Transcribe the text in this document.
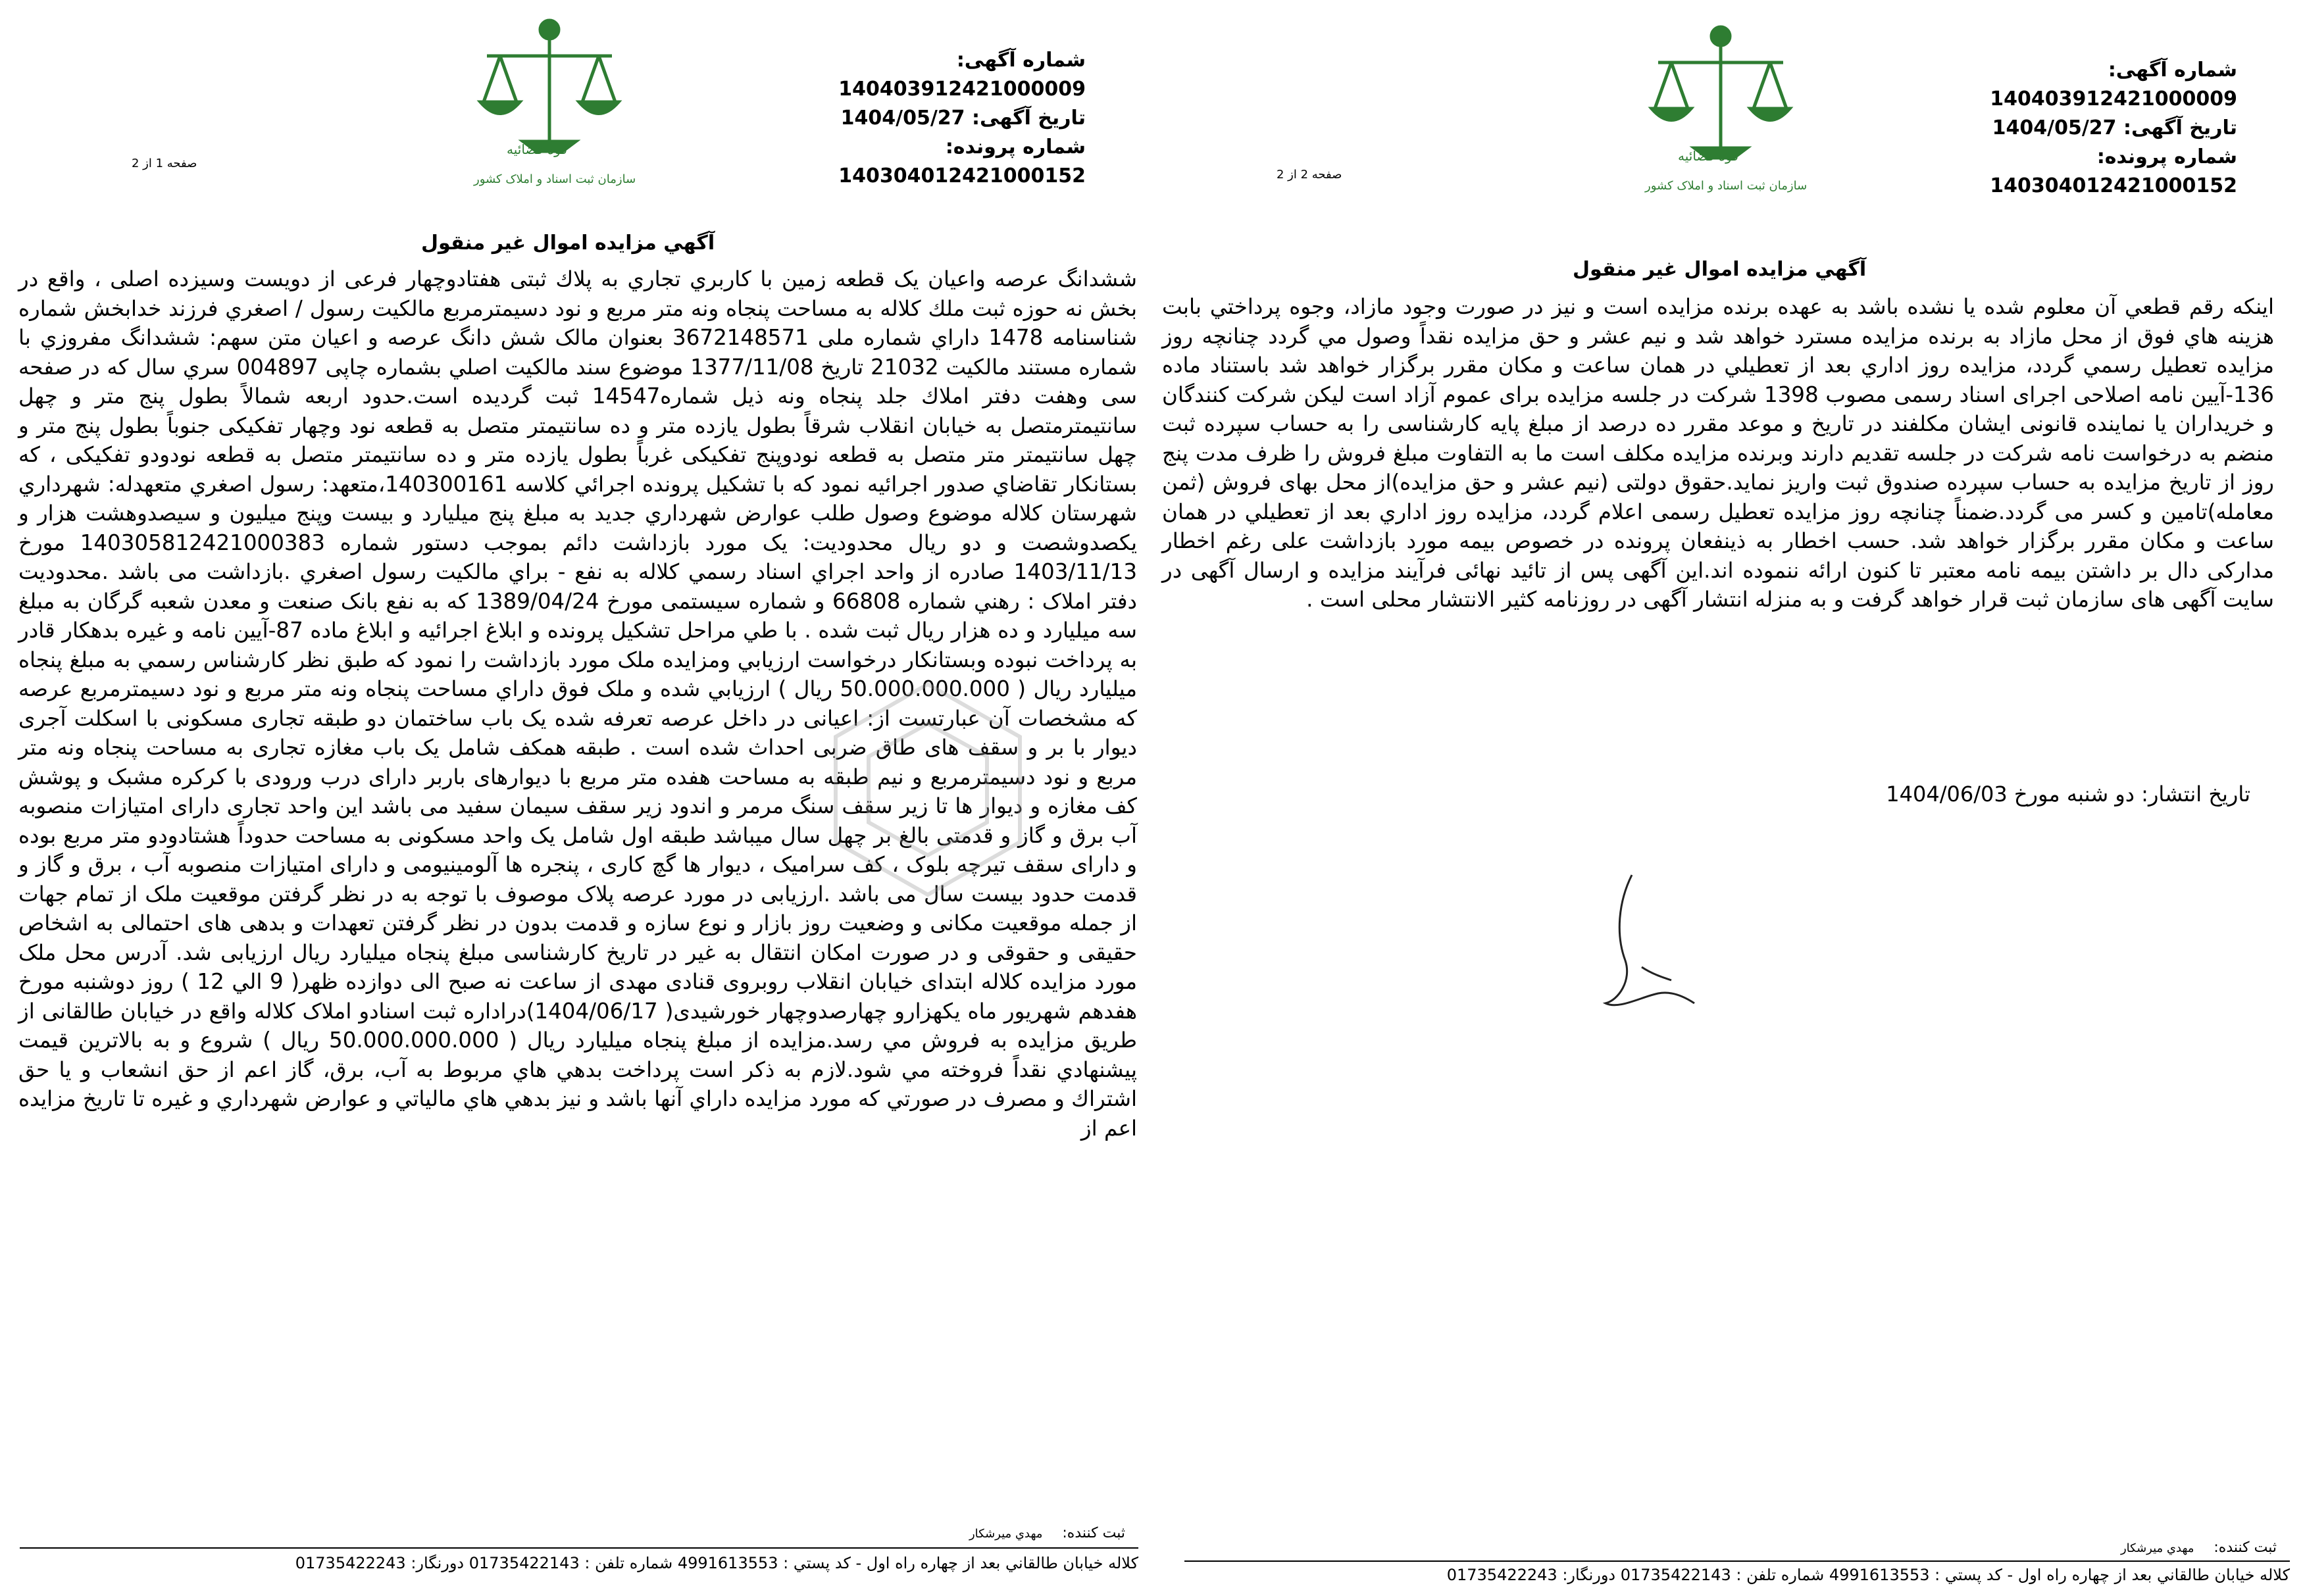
قوه قضائيه
سازمان ثبت اسناد و املاک کشور
شماره آگهی: 140403912421000009
تاریخ آگهی: 1404/05/27
شماره پرونده: 140304012421000152
صفحه 1 از 2
آگهي مزايده اموال غير منقول
ششدانگ عرصه واعيان يک قطعه زمين با كاربري تجاري به پلاك ثبتی هفتادوچهار فرعی از دويست وسيزده اصلی ، واقع در بخش نه حوزه ثبت ملك كلاله به مساحت پنجاه ونه متر مربع و نود دسيمترمربع مالكيت رسول / اصغري فرزند خدابخش شماره شناسنامه 1478 داراي شماره ملی 3672148571 بعنوان مالک شش دانگ عرصه و اعيان متن سهم: ششدانگ مفروزي با شماره مستند مالكيت 21032 تاريخ 1377/11/08 موضوع سند مالكيت اصلي بشماره چاپی 004897 سري سال كه در صفحه سی وهفت دفتر املاك جلد پنجاه ونه ذيل شماره14547 ثبت گرديده است.حدود اربعه شمالاً بطول پنج متر و چهل سانتيمترمتصل به خيابان انقلاب شرقاً بطول يازده متر و ده سانتيمتر متصل به قطعه نود وچهار تفكيكی جنوباً بطول پنج متر و چهل سانتيمتر متر متصل به قطعه نودوپنج تفكيكی غرباً بطول يازده متر و ده سانتيمتر متصل به قطعه نودودو تفكيكی ، كه بستانكار تقاضاي صدور اجرائيه نمود كه با تشكيل پرونده اجرائي كلاسه 140300161،متعهد: رسول اصغري متعهدله: شهرداري شهرستان كلاله موضوع وصول طلب عوارض شهرداري جديد به مبلغ پنج ميليارد و بيست وپنج ميليون و سيصدوهشت هزار و يكصدوشصت و دو ريال محدوديت: يک مورد بازداشت دائم بموجب دستور شماره 140305812421000383 مورخ 1403/11/13 صادره از واحد اجراي اسناد رسمي كلاله به نفع - براي مالكيت رسول اصغري .بازداشت می باشد .محدوديت دفتر املاک : رهني شماره 66808 و شماره سيستمی مورخ 1389/04/24 كه به نفع بانک صنعت و معدن شعبه گرگان به مبلغ سه ميليارد و ده هزار ريال ثبت شده . با طي مراحل تشكيل پرونده و ابلاغ اجرائيه و ابلاغ ماده 87-آيين نامه و غيره بدهكار قادر به پرداخت نبوده وبستانكار درخواست ارزيابي ومزايده ملک مورد بازداشت را نمود كه طبق نظر كارشناس رسمي به مبلغ پنجاه ميليارد ريال ( 50.000.000.000 ريال ) ارزيابي شده و ملک فوق داراي مساحت پنجاه ونه متر مربع و نود دسيمترمربع عرصه كه مشخصات آن عبارتست از: اعيانی در داخل عرصه تعرفه شده يک باب ساختمان دو طبقه تجاری مسكونی با اسكلت آجری ديوار با بر و سقف های طاق ضربی احداث شده است . طبقه همكف شامل يک باب مغازه تجاری به مساحت پنجاه ونه متر مربع و نود دسيمترمربع و نيم طبقه به مساحت هفده متر مربع با ديوارهای باربر دارای درب ورودی با كركره مشبک و پوشش كف مغازه و ديوار ها تا زير سقف سنگ مرمر و اندود زير سقف سيمان سفيد می باشد اين واحد تجاری دارای امتيازات منصوبه آب برق و گاز و قدمتی بالغ بر چهل سال ميباشد طبقه اول شامل يک واحد مسكونی به مساحت حدوداً هشتادودو متر مربع بوده و دارای سقف تيرچه بلوک ، كف سراميک ، ديوار ها گچ كاری ، پنجره ها آلومينيومی و دارای امتيازات منصوبه آب ، برق و گاز و قدمت حدود بيست سال می باشد .ارزيابی در مورد عرصه پلاک موصوف با توجه به در نظر گرفتن موقعيت ملک از تمام جهات از جمله موقعيت مكانی و وضعيت روز بازار و نوع سازه و قدمت بدون در نظر گرفتن تعهدات و بدهی های احتمالی به اشخاص حقيقی و حقوقی و در صورت امكان انتقال به غير در تاريخ كارشناسی مبلغ پنجاه ميليارد ريال ارزيابی شد. آدرس محل ملک مورد مزايده كلاله ابتدای خيابان انقلاب روبروی قنادی مهدی از ساعت نه صبح الی دوازده ظهر( 9 الي 12 ) روز دوشنبه مورخ هفدهم شهريور ماه يكهزارو چهارصدوچهار خورشيدی( 1404/06/17)دراداره ثبت اسنادو املاک كلاله واقع در خيابان طالقانی از طريق مزايده به فروش مي رسد.مزايده از مبلغ پنجاه ميليارد ريال ( 50.000.000.000 ريال ) شروع و به بالاترين قيمت پيشنهادي نقداً فروخته مي شود.لازم به ذكر است پرداخت بدهي هاي مربوط به آب، برق، گاز اعم از حق انشعاب و يا حق اشتراك و مصرف در صورتي كه مورد مزايده داراي آنها باشد و نيز بدهي هاي مالياتي و عوارض شهرداري و غيره تا تاريخ مزايده اعم از
ثبت كننده:مهدي ميرشكار
كلاله خيابان طالقاني بعد از چهاره راه اول - كد پستي : 4991613553 شماره تلفن : 01735422143 دورنگار: 01735422243
قوه قضائيه
سازمان ثبت اسناد و املاک کشور
شماره آگهی: 140403912421000009
تاریخ آگهی: 1404/05/27
شماره پرونده: 140304012421000152
صفحه 2 از 2
آگهي مزايده اموال غير منقول
اينكه رقم قطعي آن معلوم شده يا نشده باشد به عهده برنده مزايده است و نيز در صورت وجود مازاد، وجوه پرداختي بابت هزينه هاي فوق از محل مازاد به برنده مزايده مسترد خواهد شد و نيم عشر و حق مزايده نقداً وصول مي گردد چنانچه روز مزايده تعطيل رسمي گردد، مزايده روز اداري بعد از تعطيلي در همان ساعت و مكان مقرر برگزار خواهد شد باستناد ماده 136-آيين نامه اصلاحی اجرای اسناد رسمی مصوب 1398 شركت در جلسه مزايده برای عموم آزاد است ليكن شركت كنندگان و خريداران يا نماينده قانونی ايشان مكلفند در تاريخ و موعد مقرر ده درصد از مبلغ پايه كارشناسی را به حساب سپرده ثبت منضم به درخواست نامه شركت در جلسه تقديم دارند وبرنده مزايده مكلف است ما به التفاوت مبلغ فروش را ظرف مدت پنج روز از تاريخ مزايده به حساب سپرده صندوق ثبت واريز نمايد.حقوق دولتی (نيم عشر و حق مزايده)از محل بهای فروش (ثمن معامله)تامين و كسر می گردد.ضمناً چنانچه روز مزايده تعطيل رسمی اعلام گردد، مزايده روز اداري بعد از تعطيلي در همان ساعت و مكان مقرر برگزار خواهد شد. حسب اخطار به ذينفعان پرونده در خصوص بيمه مورد بازداشت علی رغم اخطار مداركی دال بر داشتن بيمه نامه معتبر تا كنون ارائه ننموده اند.اين آگهی پس از تائيد نهائی فرآيند مزايده و ارسال آگهی در سايت آگهی های سازمان ثبت قرار خواهد گرفت و به منزله انتشار آگهی در روزنامه كثير الانتشار محلی است .
تاريخ انتشار: دو شنبه مورخ 1404/06/03
ثبت كننده:مهدي ميرشكار
كلاله خيابان طالقاني بعد از چهاره راه اول - كد پستي : 4991613553 شماره تلفن : 01735422143 دورنگار: 01735422243
